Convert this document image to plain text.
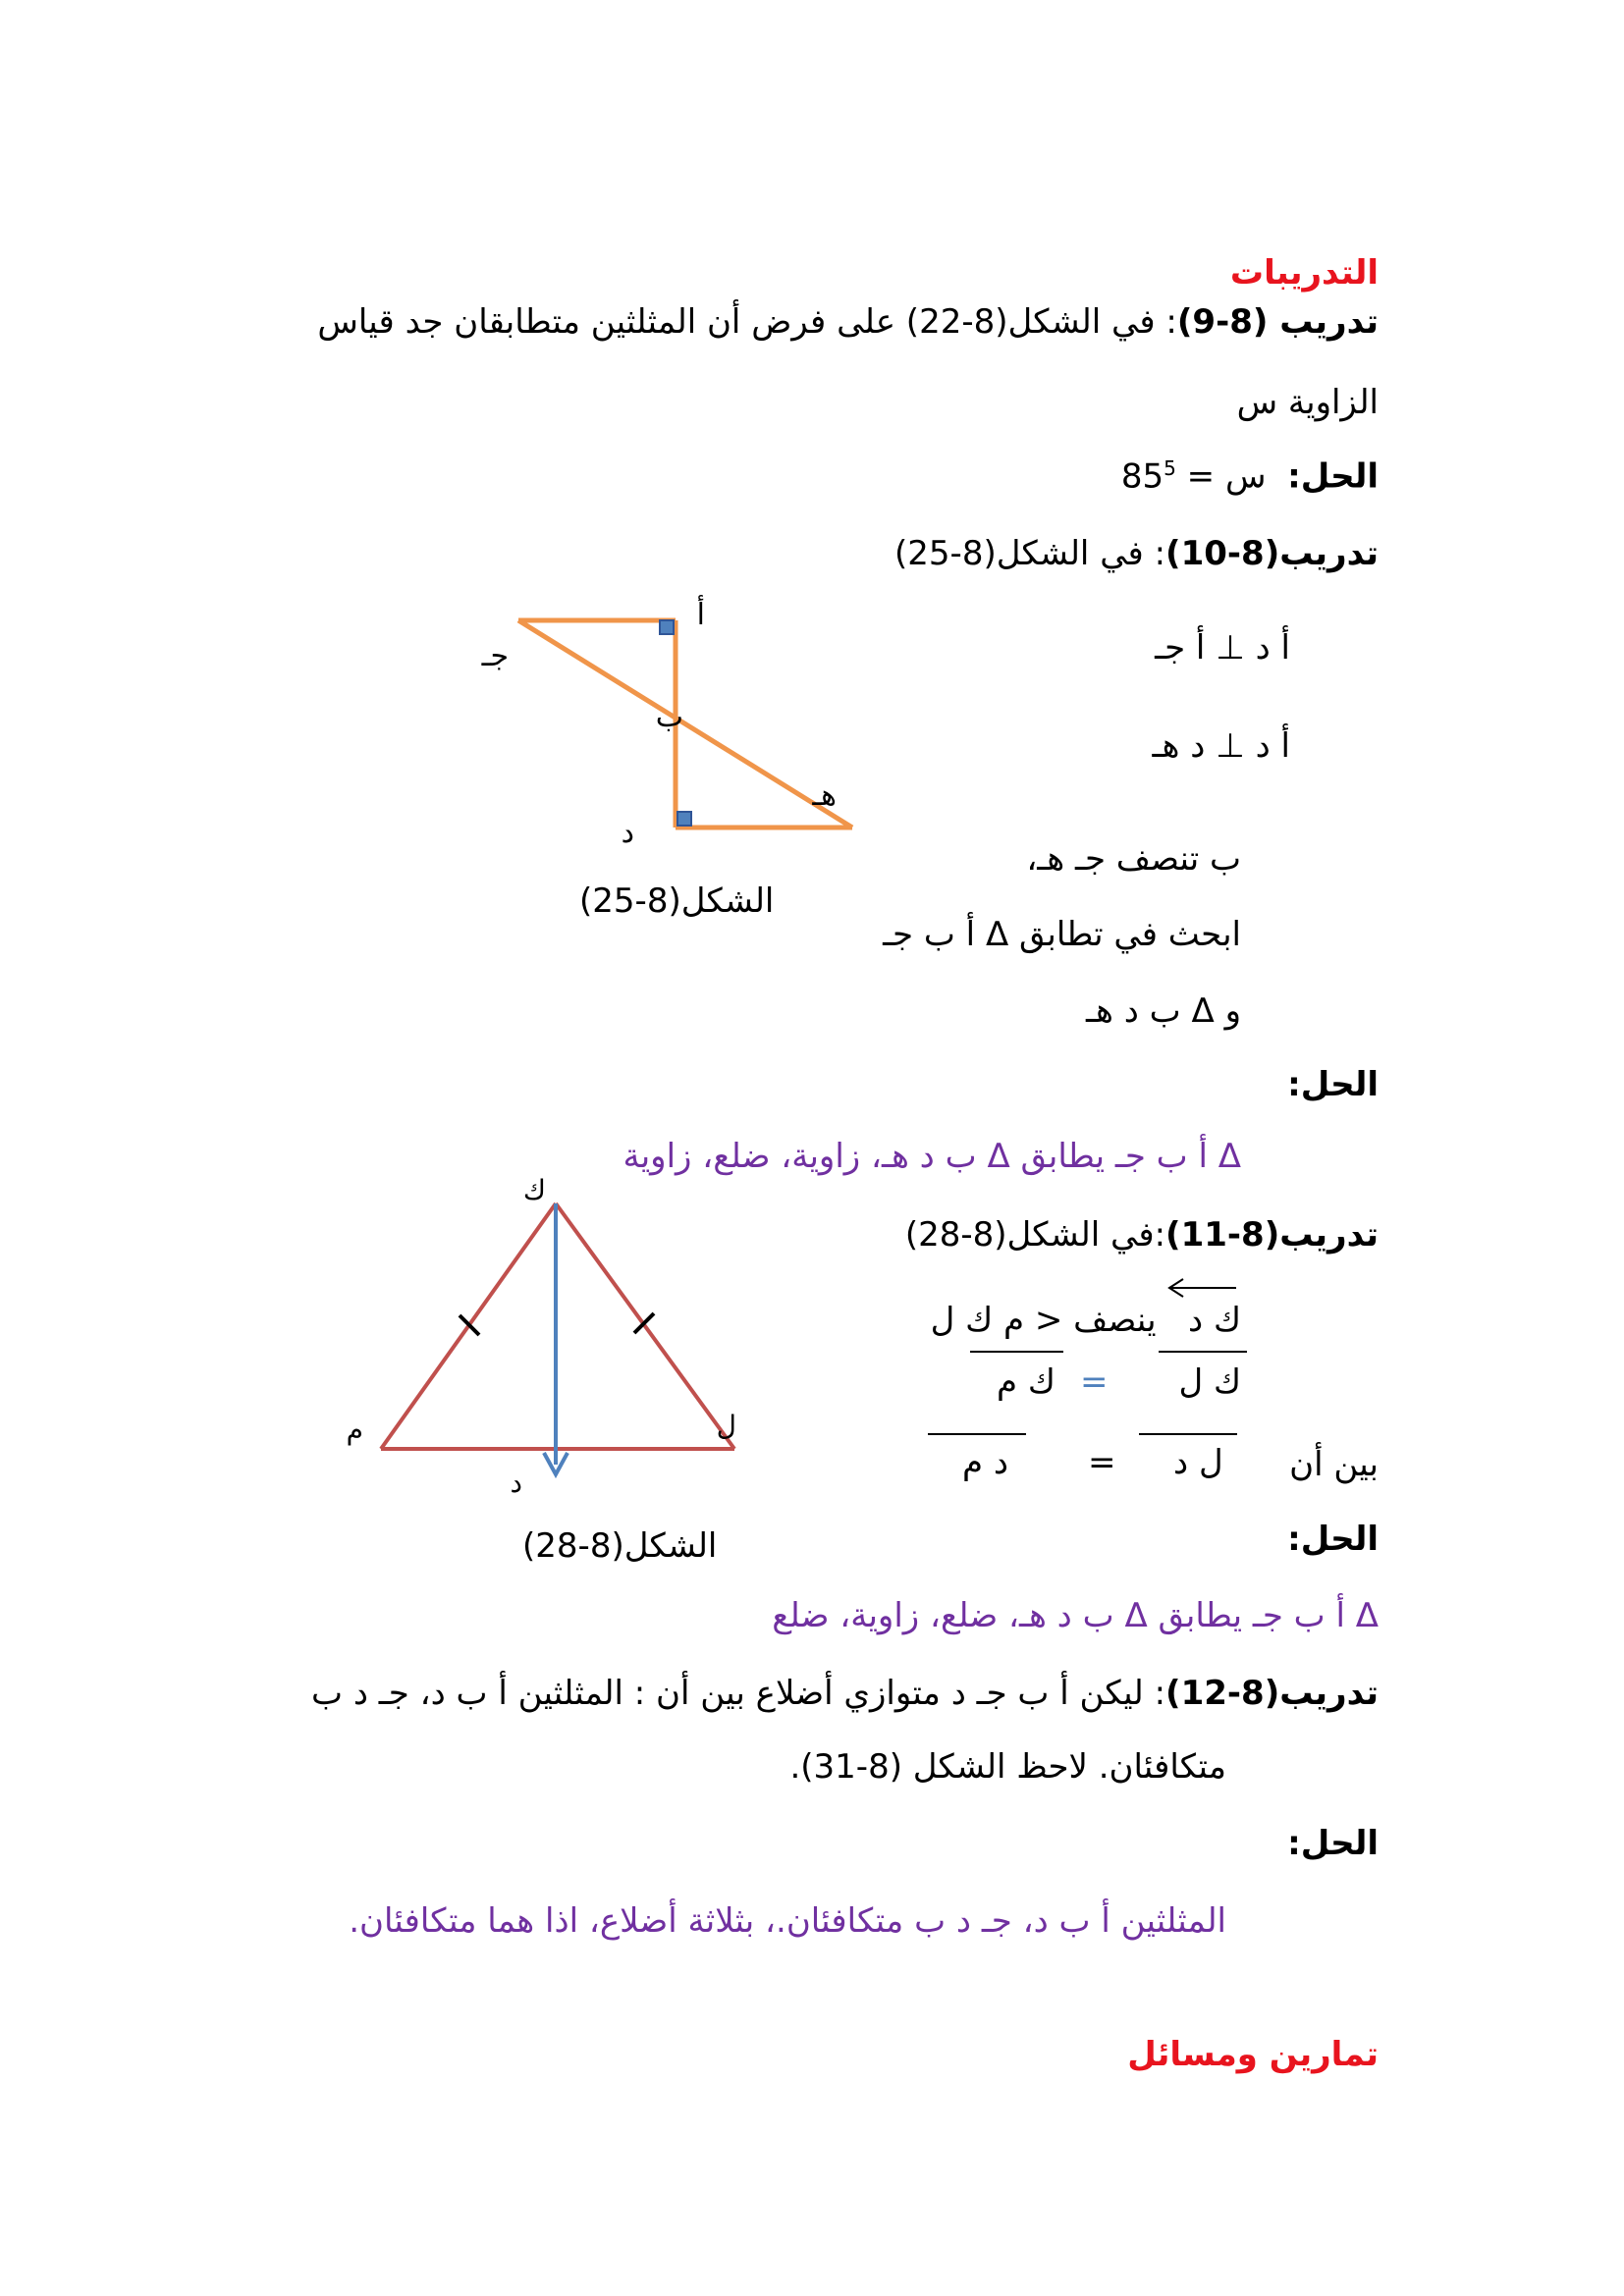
التدريبات
تدريب (8-9): في الشكل(8-22) على فرض أن المثلثين متطابقان جد قياس
الزاوية س
الحل:  س = $85^5$
تدريب(8-10): في الشكل(8-25)
أ د ⊥ أ جـ
أ د ⊥ د هـ
ب تنصف جـ هـ،
ابحث في تطابق Δ أ ب جـ
و Δ ب د هـ
أ
ب
جـ
د
هـ
الشكل(8-25)
الحل:
Δ أ ب جـ يطابق Δ ب د هـ، زاوية، ضلع، زاوية
تدريب(8-11):في الشكل(8-28)
ك د   ينصف < م ك ل
ك ل
=
ك م
بين أن
ل د
=
د م
ك
م	ل
د
الشكل(8-28)	الحل:
Δ أ ب جـ يطابق Δ ب د هـ، ضلع، زاوية، ضلع
تدريب(8-12): ليكن أ ب جـ د متوازي أضلاع بين أن : المثلثين أ ب د، جـ د ب
متكافئان. لاحظ الشكل (8-31).
الحل:
المثلثين أ ب د، جـ د ب متكافئان.، بثلاثة أضلاع، اذا هما متكافئان.
تمارين ومسائل
